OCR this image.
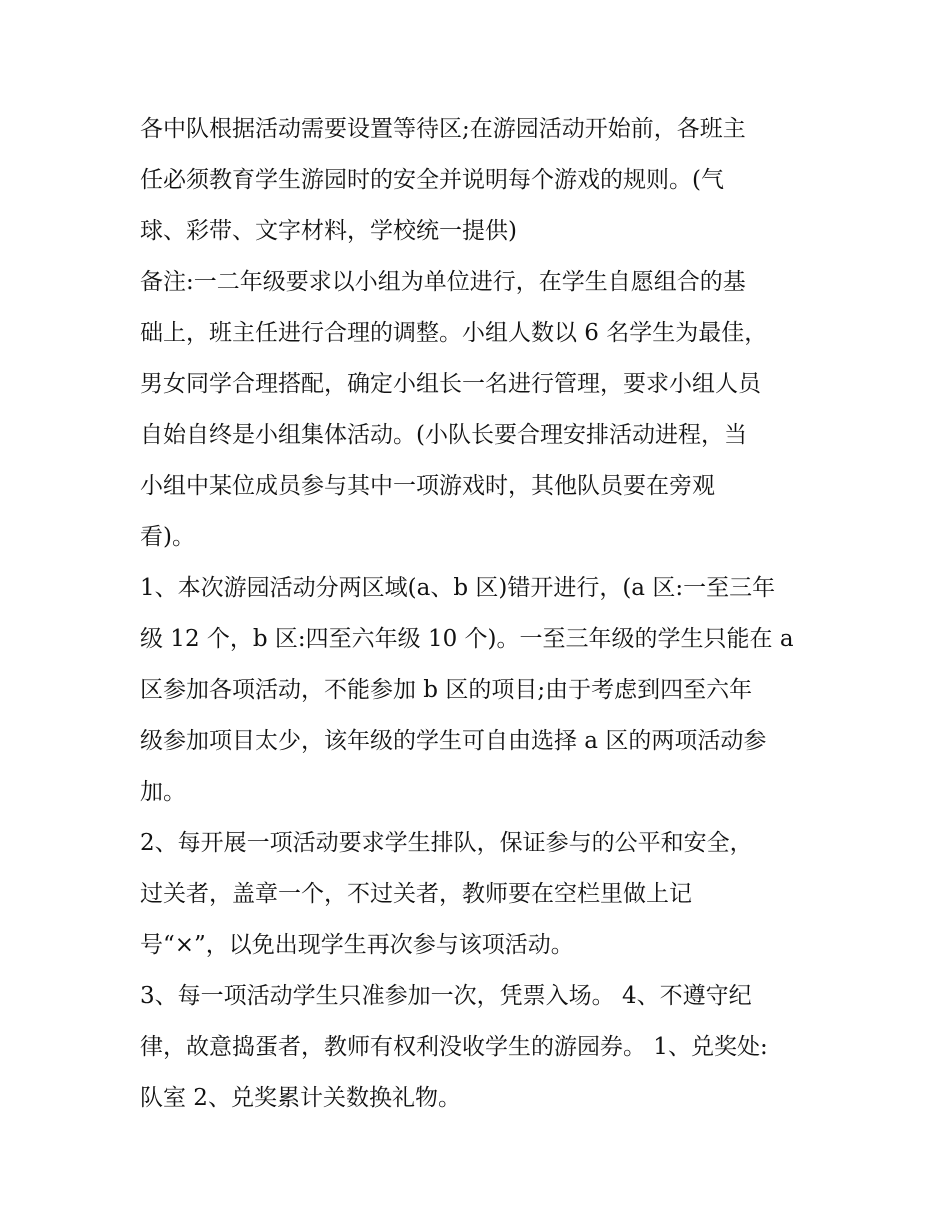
各中队根据活动需要设置等待区;在游园活动开始前，各班主
任必须教育学生游园时的安全并说明每个游戏的规则。(气
球、彩带、文字材料，学校统一提供)
备注:一二年级要求以小组为单位进行，在学生自愿组合的基
础上，班主任进行合理的调整。小组人数以 6 名学生为最佳，
男女同学合理搭配，确定小组长一名进行管理，要求小组人员
自始自终是小组集体活动。(小队长要合理安排活动进程，当
小组中某位成员参与其中一项游戏时，其他队员要在旁观
看)。
1、本次游园活动分两区域(a、b 区)错开进行，(a 区:一至三年
级 12 个，b 区:四至六年级 10 个)。一至三年级的学生只能在 a
区参加各项活动，不能参加 b 区的项目;由于考虑到四至六年
级参加项目太少，该年级的学生可自由选择 a 区的两项活动参
加。
2、每开展一项活动要求学生排队，保证参与的公平和安全，
过关者，盖章一个，不过关者，教师要在空栏里做上记
号“×”，以免出现学生再次参与该项活动。
3、每一项活动学生只准参加一次，凭票入场。 4、不遵守纪
律，故意捣蛋者，教师有权利没收学生的游园券。 1、兑奖处:
队室 2、兑奖累计关数换礼物。
